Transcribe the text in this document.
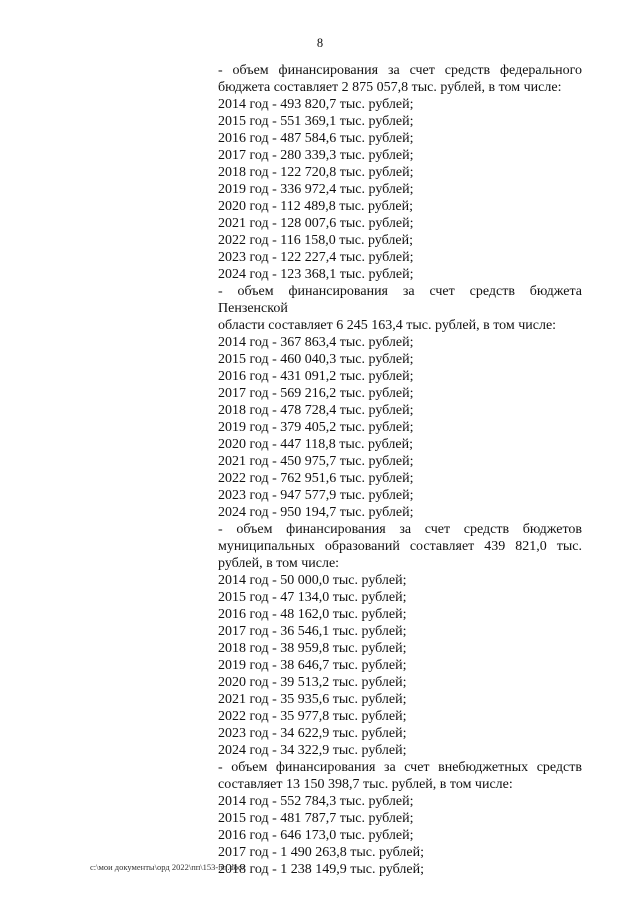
8
- объем финансирования за счет средств федерального
бюджета составляет 2 875 057,8 тыс. рублей, в том числе:
2014 год - 493 820,7 тыс. рублей;
2015 год - 551 369,1 тыс. рублей;
2016 год - 487 584,6 тыс. рублей;
2017 год - 280 339,3 тыс. рублей;
2018 год - 122 720,8 тыс. рублей;
2019 год - 336 972,4 тыс. рублей;
2020 год - 112 489,8 тыс. рублей;
2021 год - 128 007,6 тыс. рублей;
2022 год - 116 158,0 тыс. рублей;
2023 год - 122 227,4 тыс. рублей;
2024 год - 123 368,1 тыс. рублей;
- объем финансирования за счет средств бюджета Пензенской
области составляет 6 245 163,4 тыс. рублей, в том числе:
2014 год - 367 863,4 тыс. рублей;
2015 год - 460 040,3 тыс. рублей;
2016 год - 431 091,2 тыс. рублей;
2017 год - 569 216,2 тыс. рублей;
2018 год - 478 728,4 тыс. рублей;
2019 год - 379 405,2 тыс. рублей;
2020 год - 447 118,8 тыс. рублей;
2021 год - 450 975,7 тыс. рублей;
2022 год - 762 951,6 тыс. рублей;
2023 год - 947 577,9 тыс. рублей;
2024 год - 950 194,7 тыс. рублей;
- объем финансирования за счет средств бюджетов
муниципальных образований составляет 439 821,0 тыс.
рублей, в том числе:
2014 год - 50 000,0 тыс. рублей;
2015 год - 47 134,0 тыс. рублей;
2016 год - 48 162,0 тыс. рублей;
2017 год - 36 546,1 тыс. рублей;
2018 год - 38 959,8 тыс. рублей;
2019 год - 38 646,7 тыс. рублей;
2020 год - 39 513,2 тыс. рублей;
2021 год - 35 935,6 тыс. рублей;
2022 год - 35 977,8 тыс. рублей;
2023 год - 34 622,9 тыс. рублей;
2024 год - 34 322,9 тыс. рублей;
- объем финансирования за счет внебюджетных средств
составляет 13 150 398,7 тыс. рублей, в том числе:
2014 год - 552 784,3 тыс. рублей;
2015 год - 481 787,7 тыс. рублей;
2016 год - 646 173,0 тыс. рублей;
2017 год - 1 490 263,8 тыс. рублей;
2018 год - 1 238 149,9 тыс. рублей;
c:\мои документы\орд 2022\пп\153-пп.docx
